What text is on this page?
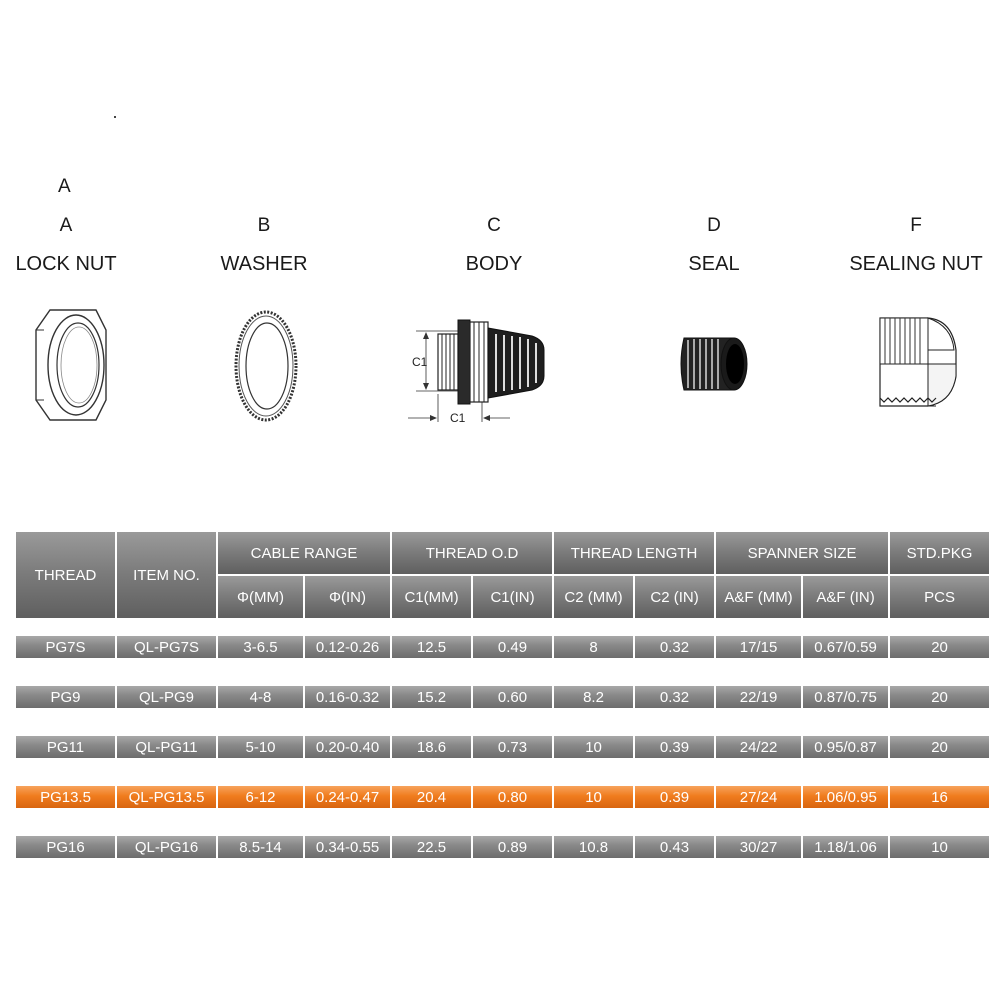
A
A
LOCK NUT
B
WASHER
C
BODY
D
SEAL
F
SEALING NUT
C1
C1
THREAD	ITEM NO.	CABLE RANGE		THREAD O.D		THREAD LENGTH		SPANNER SIZE		STD.PKG

		Φ(MM)	Φ(IN)	C1(MM)	C1(IN)	C2 (MM)	C2 (IN)	A&F (MM)	A&F (IN)	PCS

PG7S	QL-PG7S	3-6.5	0.12-0.26	12.5	0.49	8	0.32	17/15	0.67/0.59	20

PG9	QL-PG9	4-8	0.16-0.32	15.2	0.60	8.2	0.32	22/19	0.87/0.75	20

PG11	QL-PG11	5-10	0.20-0.40	18.6	0.73	10	0.39	24/22	0.95/0.87	20

PG13.5	QL-PG13.5	6-12	0.24-0.47	20.4	0.80	10	0.39	27/24	1.06/0.95	16

PG16	QL-PG16	8.5-14	0.34-0.55	22.5	0.89	10.8	0.43	30/27	1.18/1.06	10
